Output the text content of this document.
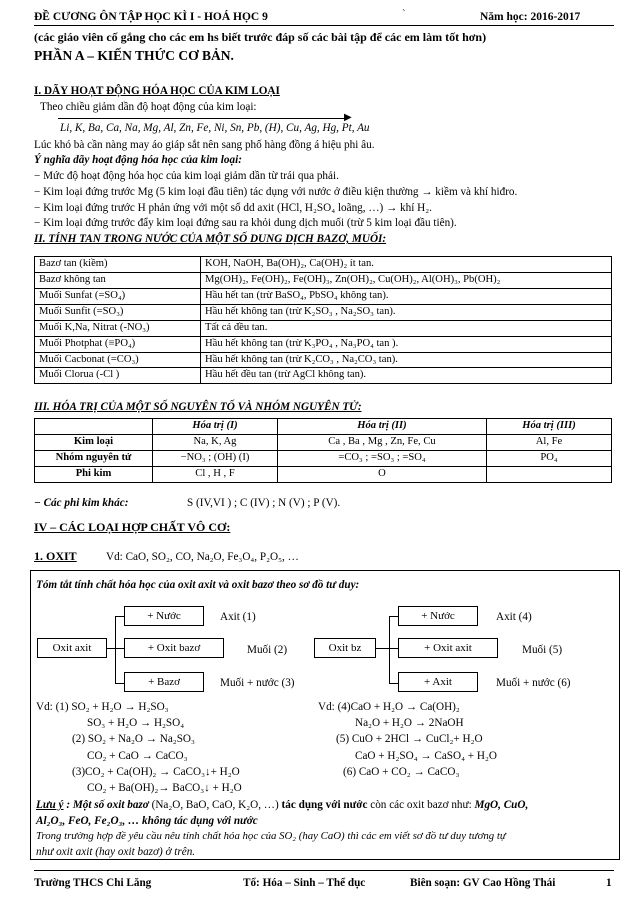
ĐỀ CƯƠNG ÔN TẬP HỌC KÌ I - HOÁ HỌC 9	`	Năm học: 2016-2017
(các giáo viên cố gắng cho các em hs biết trước đáp số các bài tập để các em làm tốt hơn)
PHẦN A – KIẾN THỨC CƠ BẢN.
I. DÃY HOẠT ĐỘNG HÓA HỌC CỦA KIM LOẠI
Theo chiều giảm dần độ hoạt động của kim loại:
Li, K, Ba, Ca, Na, Mg, Al, Zn, Fe, Ni, Sn, Pb, (H), Cu, Ag, Hg, Pt, Au
▶
Lúc khó bà cần nàng may áo giáp sắt nên sang phố hàng đồng á hiệu phi âu.
Ý nghĩa dãy hoạt động hóa học của kim loại:
− Mức độ hoạt động hóa học của kim loại giảm dần từ trái qua phải.
− Kim loại đứng trước Mg (5 kim loại đầu tiên) tác dụng với nước ở điều kiện thường → kiềm và khí hiđro.
− Kim loại đứng trước H phản ứng với một số dd axit (HCl, H₂SO₄ loãng, …) → khí H₂.
− Kim loại đứng trước đẩy kim loại đứng sau ra khỏi dung dịch muối (trừ 5 kim loại đầu tiên).
II. TÍNH TAN TRONG NƯỚC CỦA MỘT SỐ DUNG DỊCH BAZƠ, MUỐI:
Bazơ tan (kiềm)	KOH, NaOH, Ba(OH)₂, Ca(OH)₂ ít tan.
Bazơ không tan	Mg(OH)₂, Fe(OH)₂, Fe(OH)₃, Zn(OH)₂, Cu(OH)₂, Al(OH)₃, Pb(OH)₂
Muối Sunfat (=SO₄)	Hầu hết tan (trừ BaSO₄, PbSO₄ không tan).
Muối Sunfit (=SO₃)	Hầu hết không tan (trừ K₂SO₃ , Na₂SO₃ tan).
Muối K,Na, Nitrat (-NO₃)	Tất cả đều tan.
Muối Photphat (≡PO₄)	Hầu hết không tan (trừ K₃PO₄ , Na₃PO₄ tan ).
Muối Cacbonat (=CO₃)	Hầu hết không tan (trừ K₂CO₃ , Na₂CO₃ tan).
Muối Clorua (-Cl )	Hầu hết đều tan (trừ AgCl không tan).
III. HÓA TRỊ CỦA MỘT SỐ NGUYÊN TỐ VÀ NHÓM NGUYÊN TỬ:
	Hóa trị (I)	Hóa trị (II)	Hóa trị (III)
Kim loại	Na, K, Ag	Ca , Ba , Mg , Zn, Fe, Cu	Al, Fe
Nhóm nguyên tử	−NO₃ ; (OH) (I)	=CO₃ ; =SO₃ ; =SO₄	PO₄
Phi kim	Cl , H , F	O	
− Các phi kim khác:	S (IV,VI ) ; C (IV) ; N (V) ; P (V).
IV – CÁC LOẠI HỢP CHẤT VÔ CƠ:
1. OXIT	Vd: CaO, SO₂, CO, Na₂O, Fe₃O₄, P₂O₅, …
Tóm tắt tính chất hóa học của oxit axit và oxit bazơ theo sơ đồ tư duy:
Oxit axit
+ Nước
+ Oxit bazơ
+ Bazơ
Axit (1)
Muối (2)
Muối + nước (3)
Oxit bz
+ Nước
+ Oxit axit
+ Axit
Axit (4)
Muối (5)
Muối + nước (6)
Vd: (1) SO₂ + H₂O → H₂SO₃
SO₃ + H₂O → H₂SO₄
(2) SO₂ + Na₂O → Na₂SO₃
CO₂ + CaO → CaCO₃
(3)CO₂ + Ca(OH)₂ → CaCO₃↓+ H₂O
CO₂ + Ba(OH)₂→ BaCO₃↓ + H₂O
Vd: (4)CaO + H₂O → Ca(OH)₂
Na₂O + H₂O → 2NaOH
(5) CuO + 2HCl → CuCl₂+ H₂O
CaO + H₂SO₄ → CaSO₄ + H₂O
(6) CaO + CO₂ → CaCO₃
Lưu ý : Một số oxit bazơ (Na₂O, BaO, CaO, K₂O, …) tác dụng với nước còn các oxit bazơ như: MgO, CuO,
Al₂O₃, FeO, Fe₂O₃, … không tác dụng với nước
Trong trường hợp đề yêu cầu nêu tính chất hóa học của SO₂ (hay CaO) thì các em viết sơ đồ tư duy tương tự
như oxit axit (hay oxit bazơ) ở trên.
Trường THCS Chi Lăng	Tổ: Hóa – Sinh – Thể dục	Biên soạn: GV Cao Hồng Thái	1
